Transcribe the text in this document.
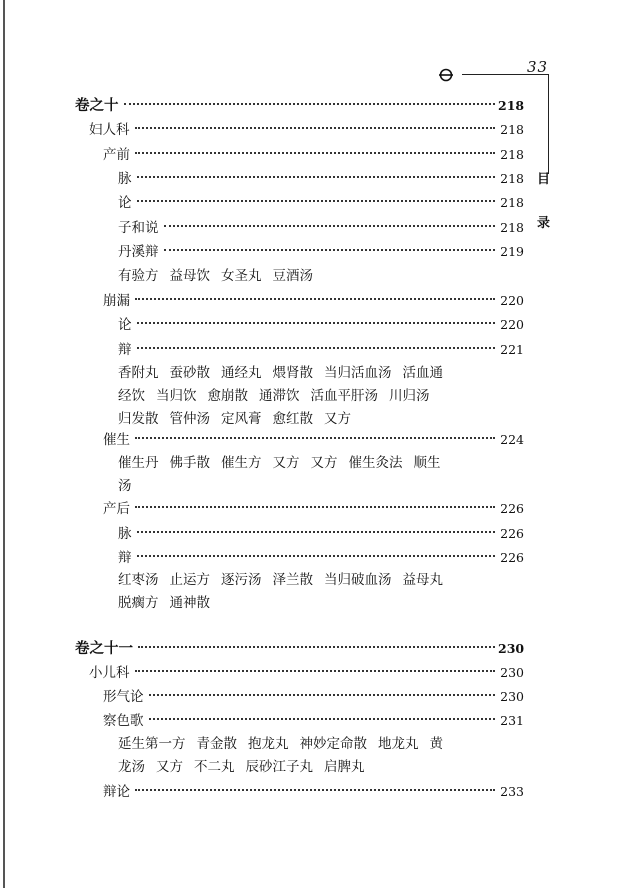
33
目
录
卷之十	218
妇人科	218
产前	218
脉	218
论	218
子和说	218
丹溪辩	219
有验方 益母饮 女圣丸 豆酒汤
崩漏	220
论	220
辩	221
香附丸 蚕砂散 通经丸 煨肾散 当归活血汤 活血通
经饮 当归饮 愈崩散 通滞饮 活血平肝汤 川归汤
归发散 管仲汤 定风膏 愈红散 又方
催生	224
催生丹 佛手散 催生方 又方 又方 催生灸法 顺生
汤
产后	226
脉	226
辩	226
红枣汤 止运方 逐污汤 泽兰散 当归破血汤 益母丸
脱瘸方 通神散
卷之十一	230
小儿科	230
形气论	230
察色歌	231
延生第一方 青金散 抱龙丸 神妙定命散 地龙丸 黄
龙汤 又方 不二丸 辰砂江子丸 启脾丸
辩论	233
